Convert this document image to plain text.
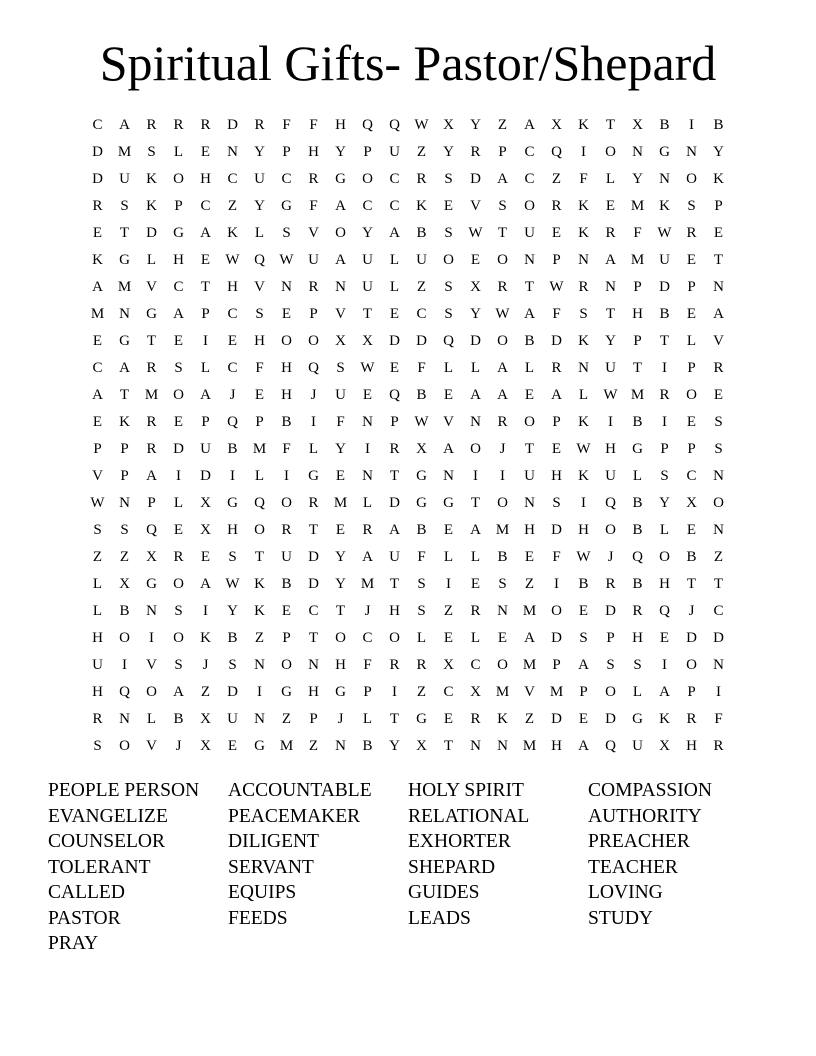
Spiritual Gifts- Pastor/Shepard
C	A	R	R	R	D	R	F	F	H	Q	Q W X	Y	Z	A	X	K	T	X	B	I	B
D M	S	L	E	N	Y	P	H	Y	P	U	Z	Y	R	P	C	Q	I	O	N	G	N	Y
D	U	K	O	H	C	U	C	R	G	O	C	R	S	D	A	C	Z	F	L	Y	N	O	K
R	S	K	P	C	Z	Y	G	F	A	C	C	K	E	V	S	O	R	K	E	M K	S	P
E	T	D	G	A	K	L	S	V	O	Y	A	B	S	W	T	U	E	K	R	F	W R	E
K	G	L	H	E	W Q W U	A	U	L	U	O	E	O	N	P	N	A M U	E	T
A M V	C	T	H	V	N	R	N	U	L	Z	S	X	R	T	W R	N	P	D	P	N
M N	G	A	P	C	S	E	P	V	T	E	C	S	Y W A	F	S	T	H	B	E	A
E	G	T	E	I	E	H	O	O	X	X	D	D	Q	D	O	B	D	K	Y	P	T	L	V
C	A	R	S	L	C	F	H	Q	S	W	E	F	L	L	A	L	R	N	U	T	I	P	R
A	T	M O	A	J	E	H	J	U	E	Q	B	E	A	A	E	A	L	W M	R	O	E
E	K	R	E	P	Q	P	B	I	F	N	P	W V	N	R	O	P	K	I	B	I	E	S
P	P	R	D	U	B	M	F	L	Y	I	R	X	A	O	J	T	E	W H	G	P	P	S
V	P	A	I	D	I	L	I	G	E	N	T	G	N	I	I	U	H	K	U	L	S	C	N
W N	P	L	X	G	Q	O	R	M	L	D	G	G	T	O	N	S	I	Q	B	Y	X	O
S	S	Q	E	X	H	O	R	T	E	R	A	B	E	A M H	D	H	O	B	L	E	N
Z	Z	X	R	E	S	T	U	D	Y	A	U	F	L	L	B	E	F	W	J	Q	O	B	Z
L	X	G	O	A W K	B	D	Y M	T	S	I	E	S	Z	I	B	R	B	H	T	T
L	B	N	S	I	Y	K	E	C	T	J	H	S	Z	R	N M O	E	D	R	Q	J	C
H	O	I	O	K	B	Z	P	T	O	C	O	L	E	L	E	A	D	S	P	H	E	D	D
U	I	V	S	J	S	N	O	N	H	F	R	R	X	C	O M	P	A	S	S	I	O	N
H	Q	O	A	Z	D	I	G	H	G	P	I	Z	C	X M V M	P	O	L	A	P	I
R	N	L	B	X	U	N	Z	P	J	L	T	G	E	R	K	Z	D	E	D	G	K	R	F
S	O	V	J	X	E	G M	Z	N	B	Y	X	T	N	N M H	A	Q	U	X	H	R
PEOPLE PERSON	ACCOUNTABLE	HOLY SPIRIT	COMPASSION
EVANGELIZE	PEACEMAKER	RELATIONAL	AUTHORITY
COUNSELOR	DILIGENT	EXHORTER	PREACHER
TOLERANT	SERVANT	SHEPARD	TEACHER
CALLED	EQUIPS	GUIDES	LOVING
PASTOR	FEEDS	LEADS	STUDY
PRAY
